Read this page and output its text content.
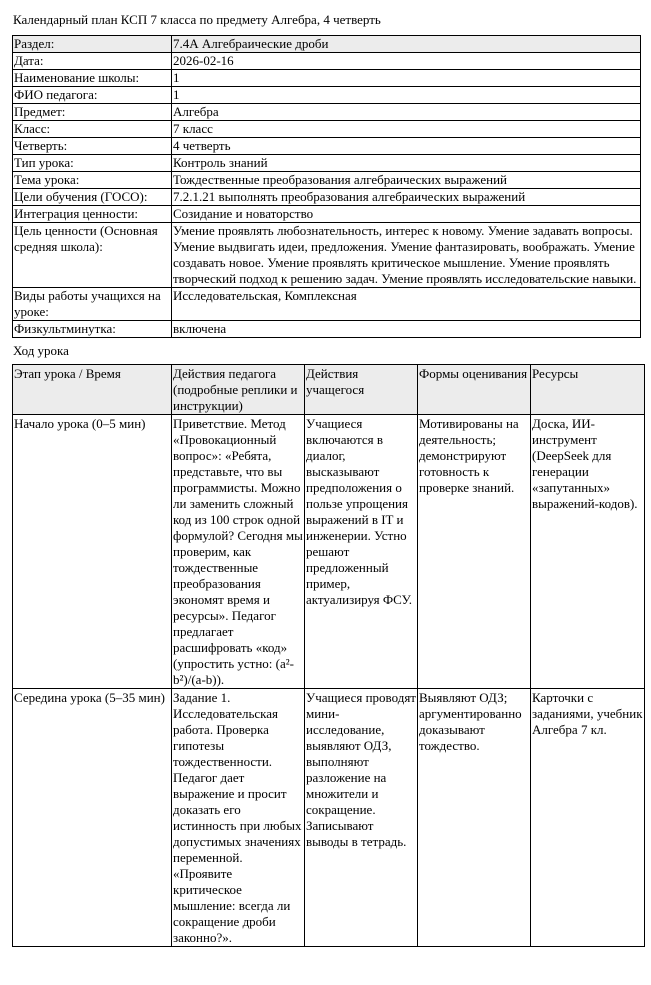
Календарный план КСП 7 класса по предмету Алгебра, 4 четверть
Раздел:	7.4А Алгебраические дроби
Дата:	2026-02-16
Наименование школы:	1
ФИО педагога:	1
Предмет:	Алгебра
Класс:	7 класс
Четверть:	4 четверть
Тип урока:	Контроль знаний
Тема урока:	Тождественные преобразования алгебраических выражений
Цели обучения (ГОСО):	7.2.1.21 выполнять преобразования алгебраических выражений
Интеграция ценности:	Созидание и новаторство
Цель ценности (Основная средняя школа):	Умение проявлять любознательность, интерес к новому. Умение задавать вопросы. Умение выдвигать идеи, предложения. Умение фантазировать, воображать. Умение создавать новое. Умение проявлять критическое мышление. Умение проявлять творческий подход к решению задач. Умение проявлять исследовательские навыки.
Виды работы учащихся на уроке:	Исследовательская, Комплексная
Физкультминутка:	включена
Ход урока
Этап урока / Время	Действия педагога (подробные реплики и инструкции)	Действия учащегося	Формы оценивания	Ресурсы
Начало урока (0–5 мин)	Приветствие. Метод «Провокационный вопрос»: «Ребята, представьте, что вы программисты. Можно ли заменить сложный код из 100 строк одной формулой? Сегодня мы проверим, как тождественные преобразования экономят время и ресурсы». Педагог предлагает расшифровать «код» (упростить устно: (a²-b²)/(a-b)).	Учащиеся включаются в диалог, высказывают предположения о пользе упрощения выражений в IT и инженерии. Устно решают предложенный пример, актуализируя ФСУ.	Мотивированы на деятельность; демонстрируют готовность к проверке знаний.	Доска, ИИ-инструмент (DeepSeek для генерации «запутанных» выражений-кодов).
Середина урока (5–35 мин)	Задание 1. Исследовательская работа. Проверка гипотезы тождественности. Педагог дает выражение и просит доказать его истинность при любых допустимых значениях переменной. «Проявите критическое мышление: всегда ли сокращение дроби законно?».	Учащиеся проводят мини-исследование, выявляют ОДЗ, выполняют разложение на множители и сокращение. Записывают выводы в тетрадь.	Выявляют ОДЗ; аргументированно доказывают тождество.	Карточки с заданиями, учебник Алгебра 7 кл.
